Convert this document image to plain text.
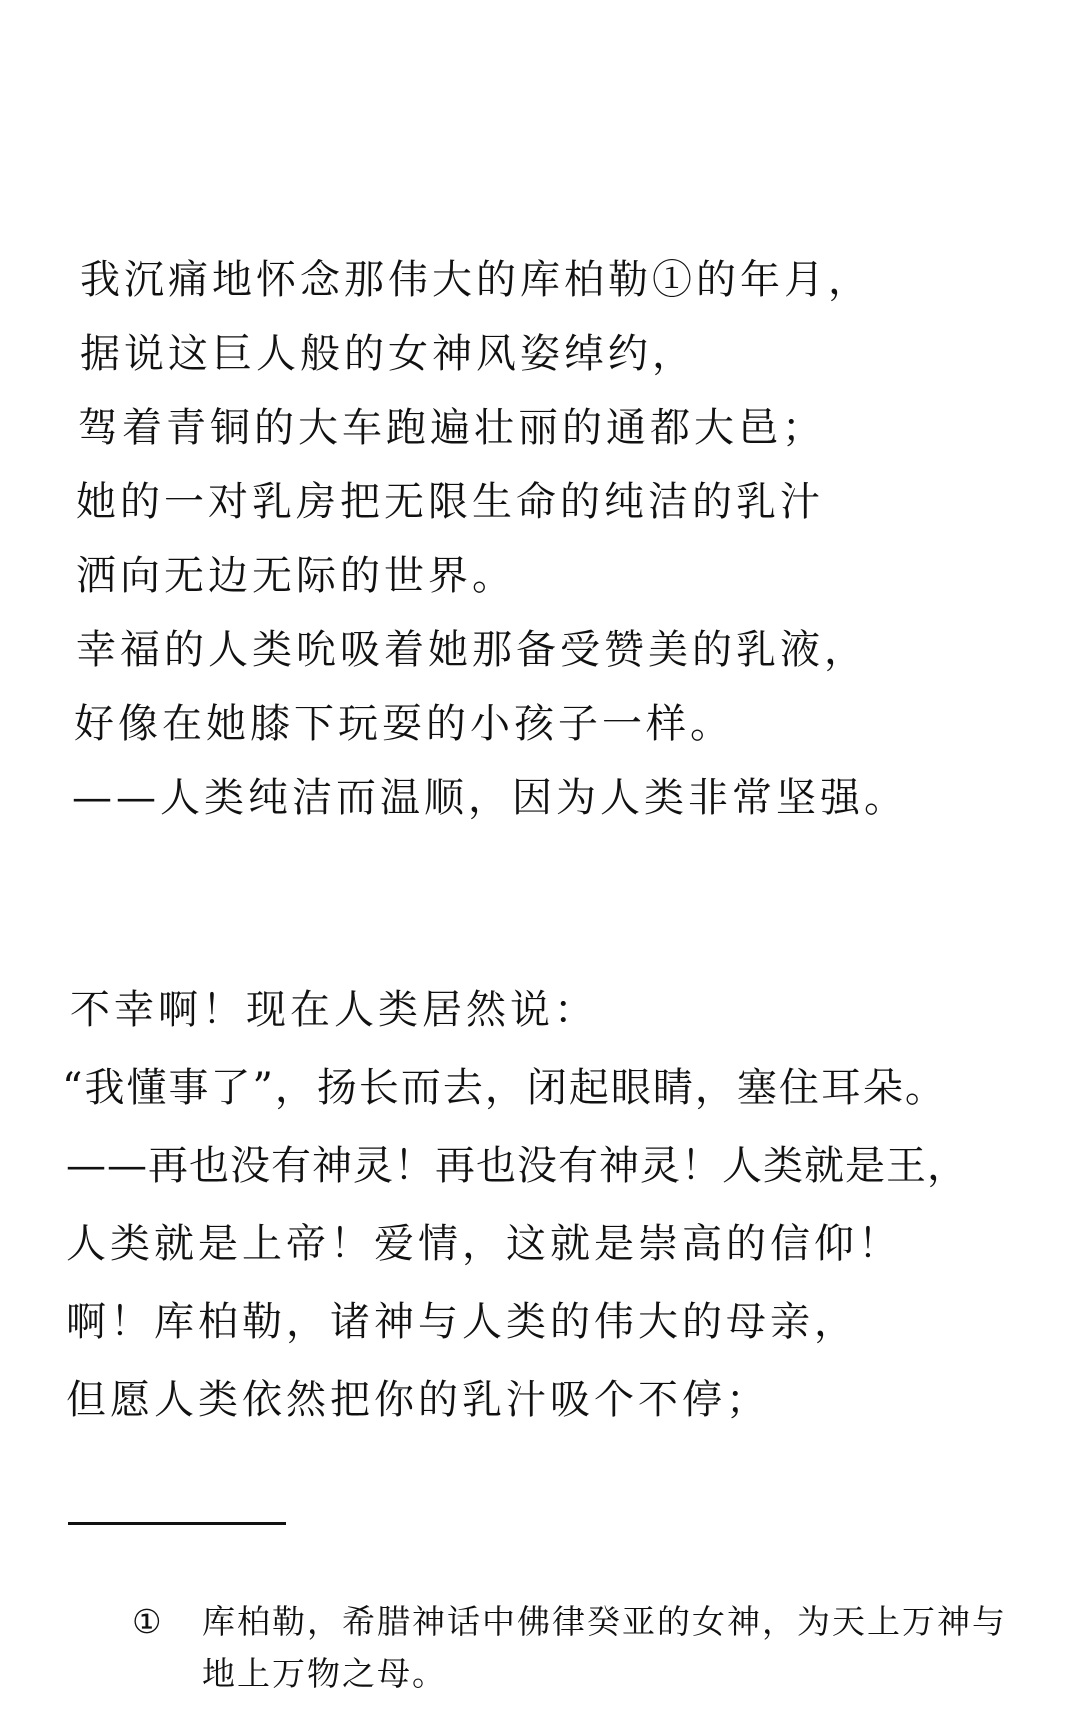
我沉痛地怀念那伟大的库柏勒①的年月，
据说这巨人般的女神风姿绰约，
驾着青铜的大车跑遍壮丽的通都大邑；
她的一对乳房把无限生命的纯洁的乳汁
洒向无边无际的世界。
幸福的人类吮吸着她那备受赞美的乳液，
好像在她膝下玩耍的小孩子一样。
——人类纯洁而温顺，因为人类非常坚强。
不幸啊！现在人类居然说：
“我懂事了”，扬长而去，闭起眼睛，塞住耳朵。
——再也没有神灵！再也没有神灵！人类就是王，
人类就是上帝！爱情，这就是崇高的信仰！
啊！库柏勒，诸神与人类的伟大的母亲，
但愿人类依然把你的乳汁吸个不停；
①	库柏勒，希腊神话中佛律癸亚的女神，为天上万神与地上万物之母。
